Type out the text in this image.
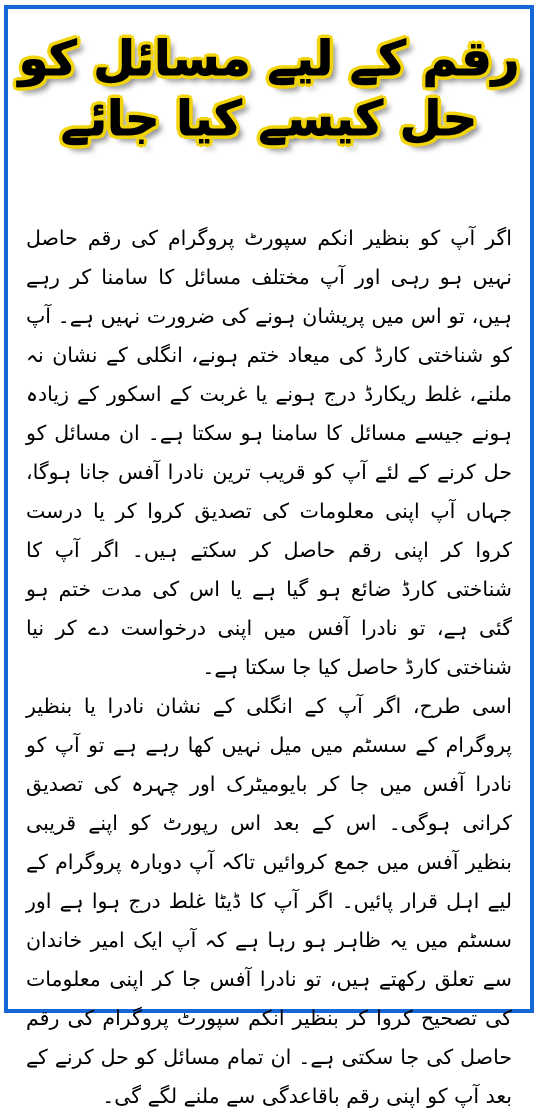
رقم کے لیے مسائل کو
حل کیسے کیا جائے

اگر آپ کو بنظیر انکم سپورٹ پروگرام کی رقم حاصل نہیں ہو رہی اور آپ مختلف مسائل کا سامنا کر رہے ہیں، تو اس میں پریشان ہونے کی ضرورت نہیں ہے۔ آپ کو شناختی کارڈ کی میعاد ختم ہونے، انگلی کے نشان نہ ملنے، غلط ریکارڈ درج ہونے یا غربت کے اسکور کے زیادہ ہونے جیسے مسائل کا سامنا ہو سکتا ہے۔ ان مسائل کو حل کرنے کے لئے آپ کو قریب ترین نادرا آفس جانا ہوگا، جہاں آپ اپنی معلومات کی تصدیق کروا کر یا درست کروا کر اپنی رقم حاصل کر سکتے ہیں۔ اگر آپ کا شناختی کارڈ ضائع ہو گیا ہے یا اس کی مدت ختم ہو گئی ہے، تو نادرا آفس میں اپنی درخواست دے کر نیا شناختی کارڈ حاصل کیا جا سکتا ہے۔

اسی طرح، اگر آپ کے انگلی کے نشان نادرا یا بنظیر پروگرام کے سسٹم میں میل نہیں کھا رہے ہے تو آپ کو نادرا آفس میں جا کر بایومیٹرک اور چہرہ کی تصدیق کرانی ہوگی۔ اس کے بعد اس رپورٹ کو اپنے قریبی بنظیر آفس میں جمع کروائیں تاکہ آپ دوبارہ پروگرام کے لیے اہل قرار پائیں۔ اگر آپ کا ڈیٹا غلط درج ہوا ہے اور سسٹم میں یہ ظاہر ہو رہا ہے کہ آپ ایک امیر خاندان سے تعلق رکھتے ہیں، تو نادرا آفس جا کر اپنی معلومات کی تصحیح کروا کر بنظیر انکم سپورٹ پروگرام کی رقم حاصل کی جا سکتی ہے۔ ان تمام مسائل کو حل کرنے کے بعد آپ کو اپنی رقم باقاعدگی سے ملنے لگے گی۔
